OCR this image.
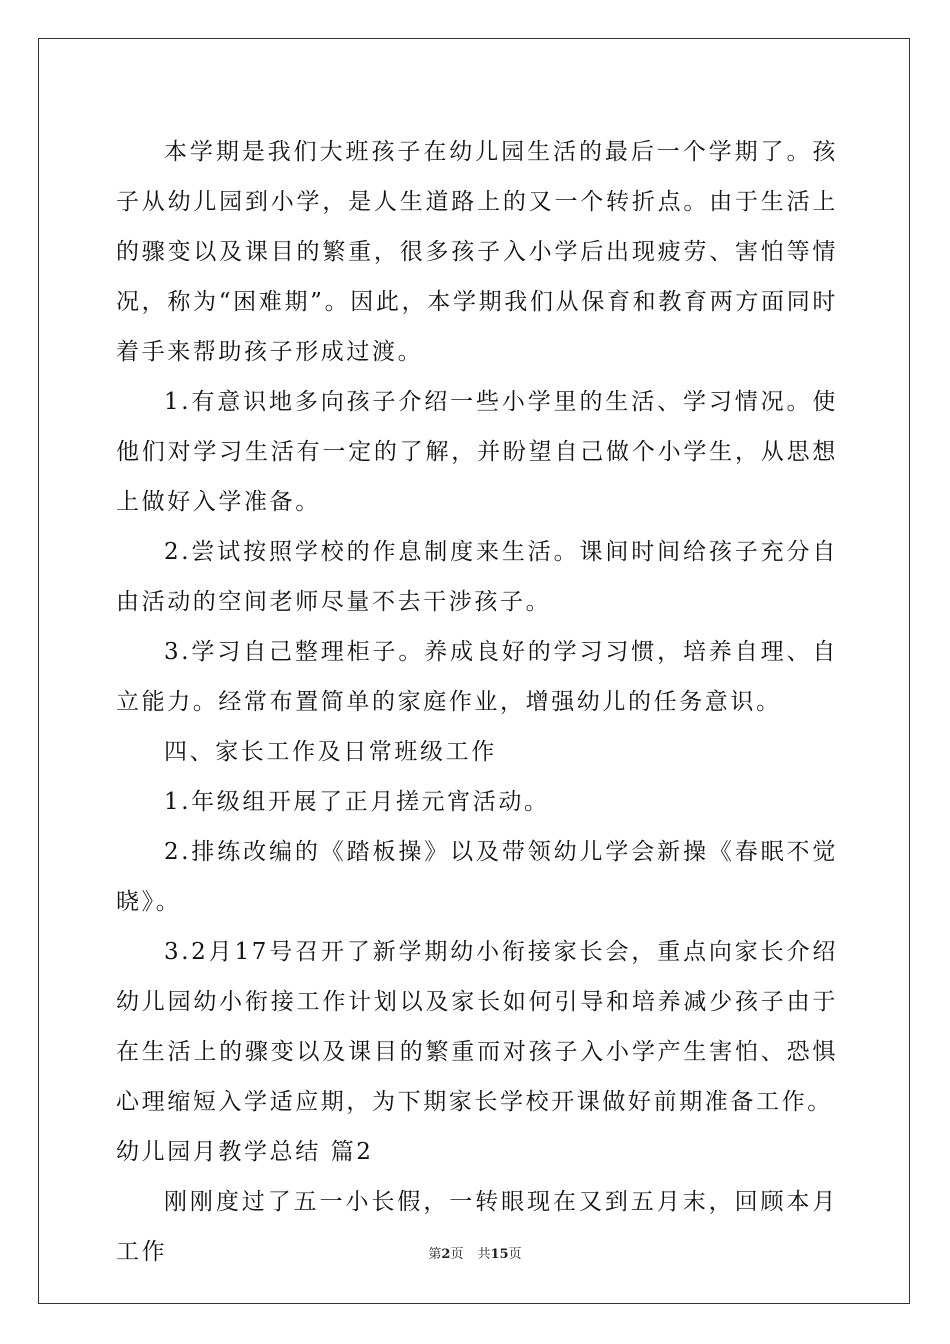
本学期是我们大班孩子在幼儿园生活的最后一个学期了。孩子从幼儿园到小学，是人生道路上的又一个转折点。由于生活上的骤变以及课目的繁重，很多孩子入小学后出现疲劳、害怕等情况，称为“困难期”。因此，本学期我们从保育和教育两方面同时着手来帮助孩子形成过渡。

1.有意识地多向孩子介绍一些小学里的生活、学习情况。使他们对学习生活有一定的了解，并盼望自己做个小学生，从思想上做好入学准备。

2.尝试按照学校的作息制度来生活。课间时间给孩子充分自由活动的空间老师尽量不去干涉孩子。

3.学习自己整理柜子。养成良好的学习习惯，培养自理、自立能力。经常布置简单的家庭作业，增强幼儿的任务意识。

四、家长工作及日常班级工作

1.年级组开展了正月搓元宵活动。

2.排练改编的《踏板操》以及带领幼儿学会新操《春眠不觉晓》。

3.2月17号召开了新学期幼小衔接家长会，重点向家长介绍幼儿园幼小衔接工作计划以及家长如何引导和培养减少孩子由于在生活上的骤变以及课目的繁重而对孩子入小学产生害怕、恐惧心理缩短入学适应期，为下期家长学校开课做好前期准备工作。

幼儿园月教学总结 篇2

刚刚度过了五一小长假，一转眼现在又到五月末，回顾本月工作	第2页 共15页
